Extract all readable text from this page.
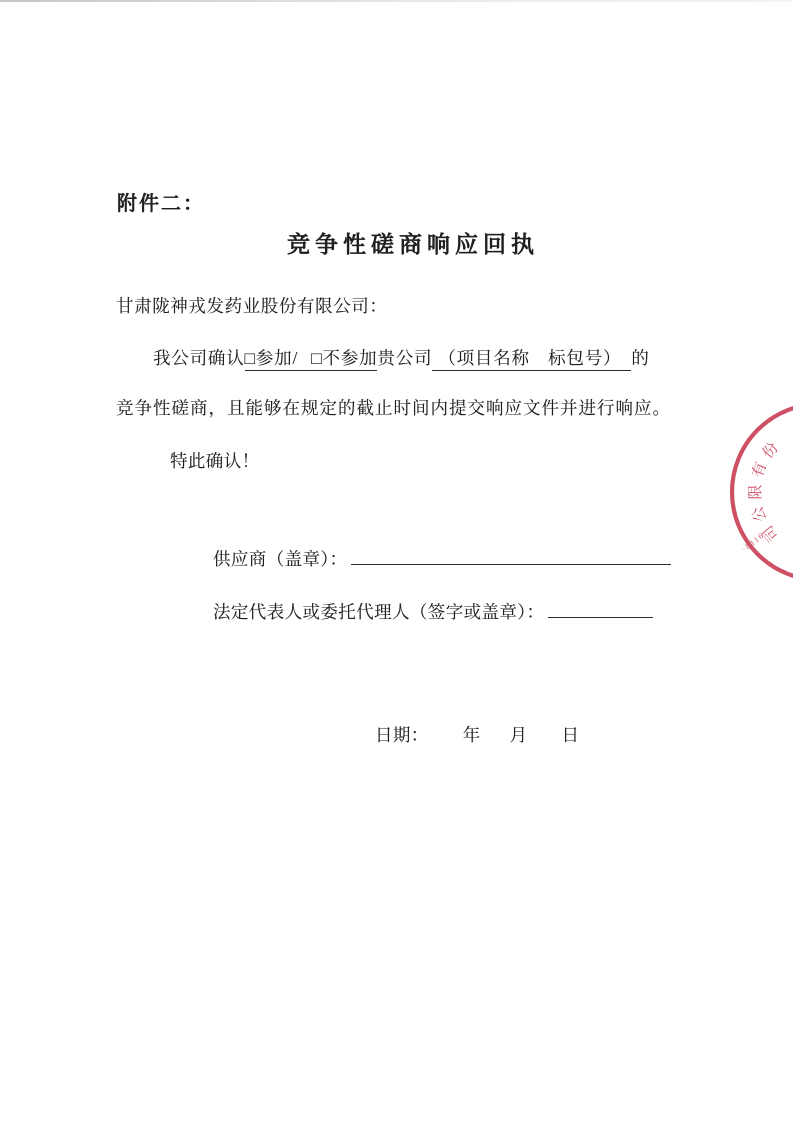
附件二：
竞争性磋商响应回执
甘肃陇神戎发药业股份有限公司：
我公司确认□参加/ □不参加贵公司 （项目名称　标包号） 的
竞争性磋商，且能够在规定的截止时间内提交响应文件并进行响应。
特此确认！
供应商（盖章）：
法定代表人或委托代理人（签字或盖章）：
日期： 年 月 日
份
有
限
公
司
·8116
